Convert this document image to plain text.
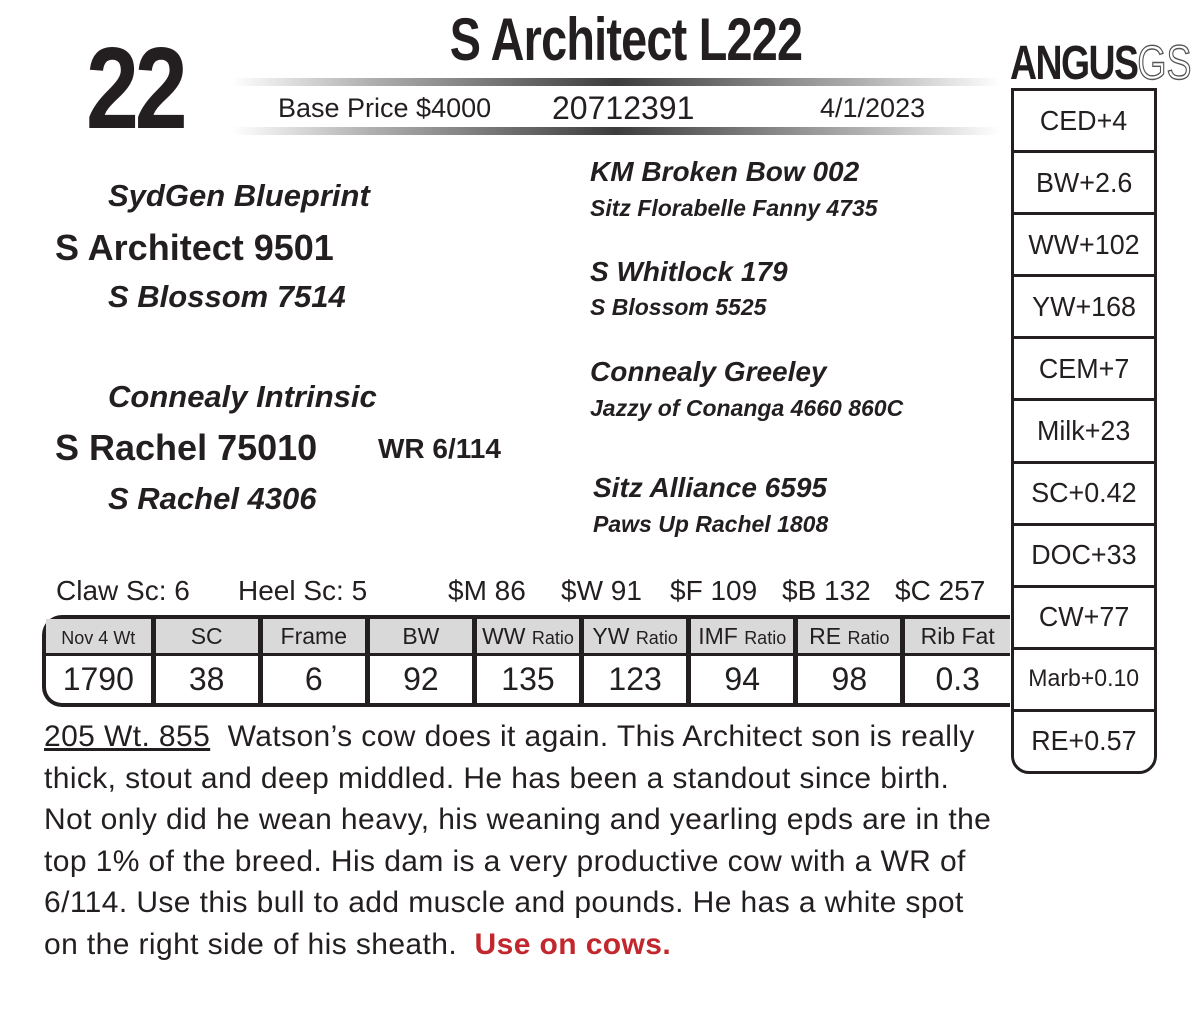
22	S Architect L222
Base Price $4000 20712391	4/1/2023
ANGUSGS
CED+4
BW+2.6
WW+102
YW+168
CEM+7
Milk+23
SC+0.42
DOC+33
CW+77
Marb+0.10
RE+0.57
SydGen Blueprint
S Architect 9501
S Blossom 7514
Connealy Intrinsic
S Rachel 75010 WR 6/114
S Rachel 4306
KM Broken Bow 002
Sitz Florabelle Fanny 4735
S Whitlock 179
S Blossom 5525
Connealy Greeley
Jazzy of Conanga 4660 860C
Sitz Alliance 6595
Paws Up Rachel 1808
Claw Sc: 6 Heel Sc: 5	$M 86 $W 91 $F 109 $B 132 $C 257
Nov 4 Wt	SC	Frame	BW	WW Ratio	YW Ratio	IMF Ratio	RE Ratio	Rib Fat
1790	38	6	92	135	123	94	98	0.3
205 Wt. 855 Watson’s cow does it again. This Architect son is really thick, stout and deep middled. He has been a standout since birth. Not only did he wean heavy, his weaning and yearling epds are in the top 1% of the breed. His dam is a very productive cow with a WR of 6/114. Use this bull to add muscle and pounds. He has a white spot on the right side of his sheath. Use on cows.
